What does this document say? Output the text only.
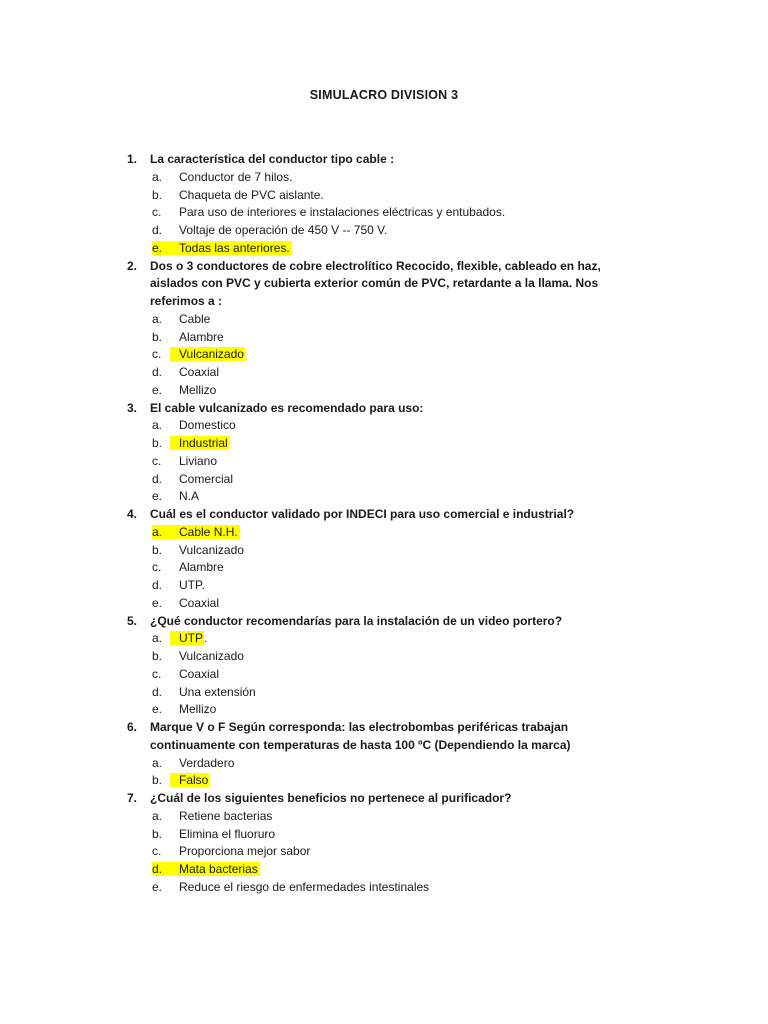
SIMULACRO DIVISION 3
1.	La característica del conductor tipo cable :
a. Conductor de 7 hilos.
b. Chaqueta de PVC aislante.
c. Para uso de interiores e instalaciones eléctricas y entubados.
d. Voltaje de operación de 450 V -- 750 V.
e. Todas las anteriores.
2.	Dos o 3 conductores de cobre electrolítico Recocido, flexible, cableado en haz, aislados con PVC y cubierta exterior común de PVC, retardante a la llama. Nos referimos a :
a. Cable
b. Alambre
c. Vulcanizado
d. Coaxial
e. Mellizo
3.	El cable vulcanizado es recomendado para uso:
a. Domestico
b. Industrial
c. Liviano
d. Comercial
e. N.A
4.	Cuál es el conductor validado por INDECI para uso comercial e industrial?
a. Cable N.H.
b. Vulcanizado
c. Alambre
d. UTP.
e. Coaxial
5.	¿Qué conductor recomendarías para la instalación de un video portero?
a. UTP.
b. Vulcanizado
c. Coaxial
d. Una extensión
e. Mellizo
6.	Marque V o F Según corresponda: las electrobombas periféricas trabajan continuamente con temperaturas de hasta 100 ºC (Dependiendo la marca)
a. Verdadero
b. Falso
7.	¿Cuál de los siguientes beneficios no pertenece al purificador?
a. Retiene bacterias
b. Elimina el fluoruro
c. Proporciona mejor sabor
d. Mata bacterias
e. Reduce el riesgo de enfermedades intestinales
